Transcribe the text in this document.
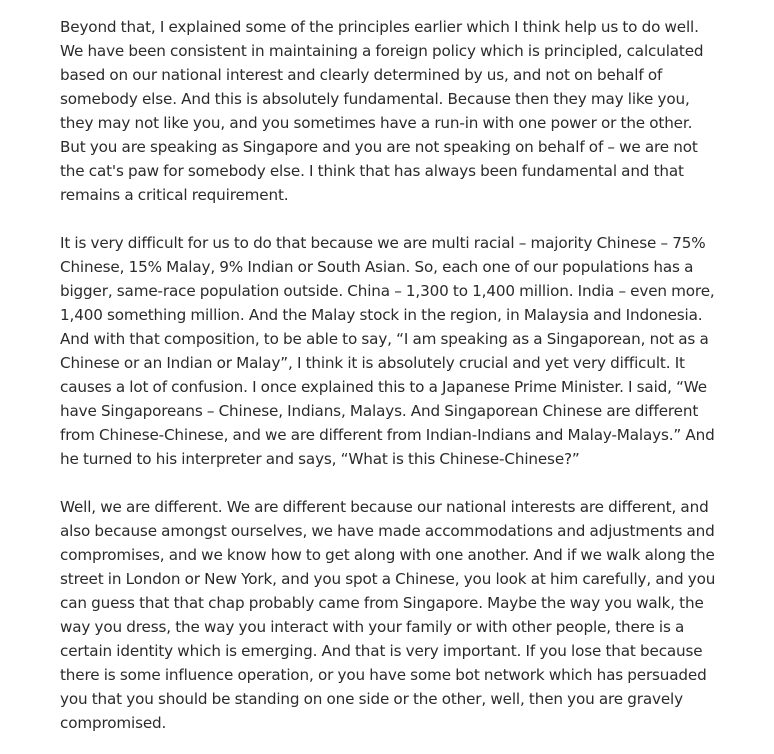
Beyond that, I explained some of the principles earlier which I think help us to do well. We have been consistent in maintaining a foreign policy which is principled, calculated based on our national interest and clearly determined by us, and not on behalf of somebody else. And this is absolutely fundamental. Because then they may like you, they may not like you, and you sometimes have a run-in with one power or the other. But you are speaking as Singapore and you are not speaking on behalf of – we are not the cat's paw for somebody else. I think that has always been fundamental and that remains a critical requirement.

It is very difficult for us to do that because we are multi racial – majority Chinese – 75% Chinese, 15% Malay, 9% Indian or South Asian. So, each one of our populations has a bigger, same-race population outside. China – 1,300 to 1,400 million. India – even more, 1,400 something million. And the Malay stock in the region, in Malaysia and Indonesia. And with that composition, to be able to say, “I am speaking as a Singaporean, not as a Chinese or an Indian or Malay”, I think it is absolutely crucial and yet very difficult. It causes a lot of confusion. I once explained this to a Japanese Prime Minister. I said, “We have Singaporeans – Chinese, Indians, Malays. And Singaporean Chinese are different from Chinese-Chinese, and we are different from Indian-Indians and Malay-Malays.” And he turned to his interpreter and says, “What is this Chinese-Chinese?”

Well, we are different. We are different because our national interests are different, and also because amongst ourselves, we have made accommodations and adjustments and compromises, and we know how to get along with one another. And if we walk along the street in London or New York, and you spot a Chinese, you look at him carefully, and you can guess that that chap probably came from Singapore. Maybe the way you walk, the way you dress, the way you interact with your family or with other people, there is a certain identity which is emerging. And that is very important. If you lose that because there is some influence operation, or you have some bot network which has persuaded you that you should be standing on one side or the other, well, then you are gravely compromised.
